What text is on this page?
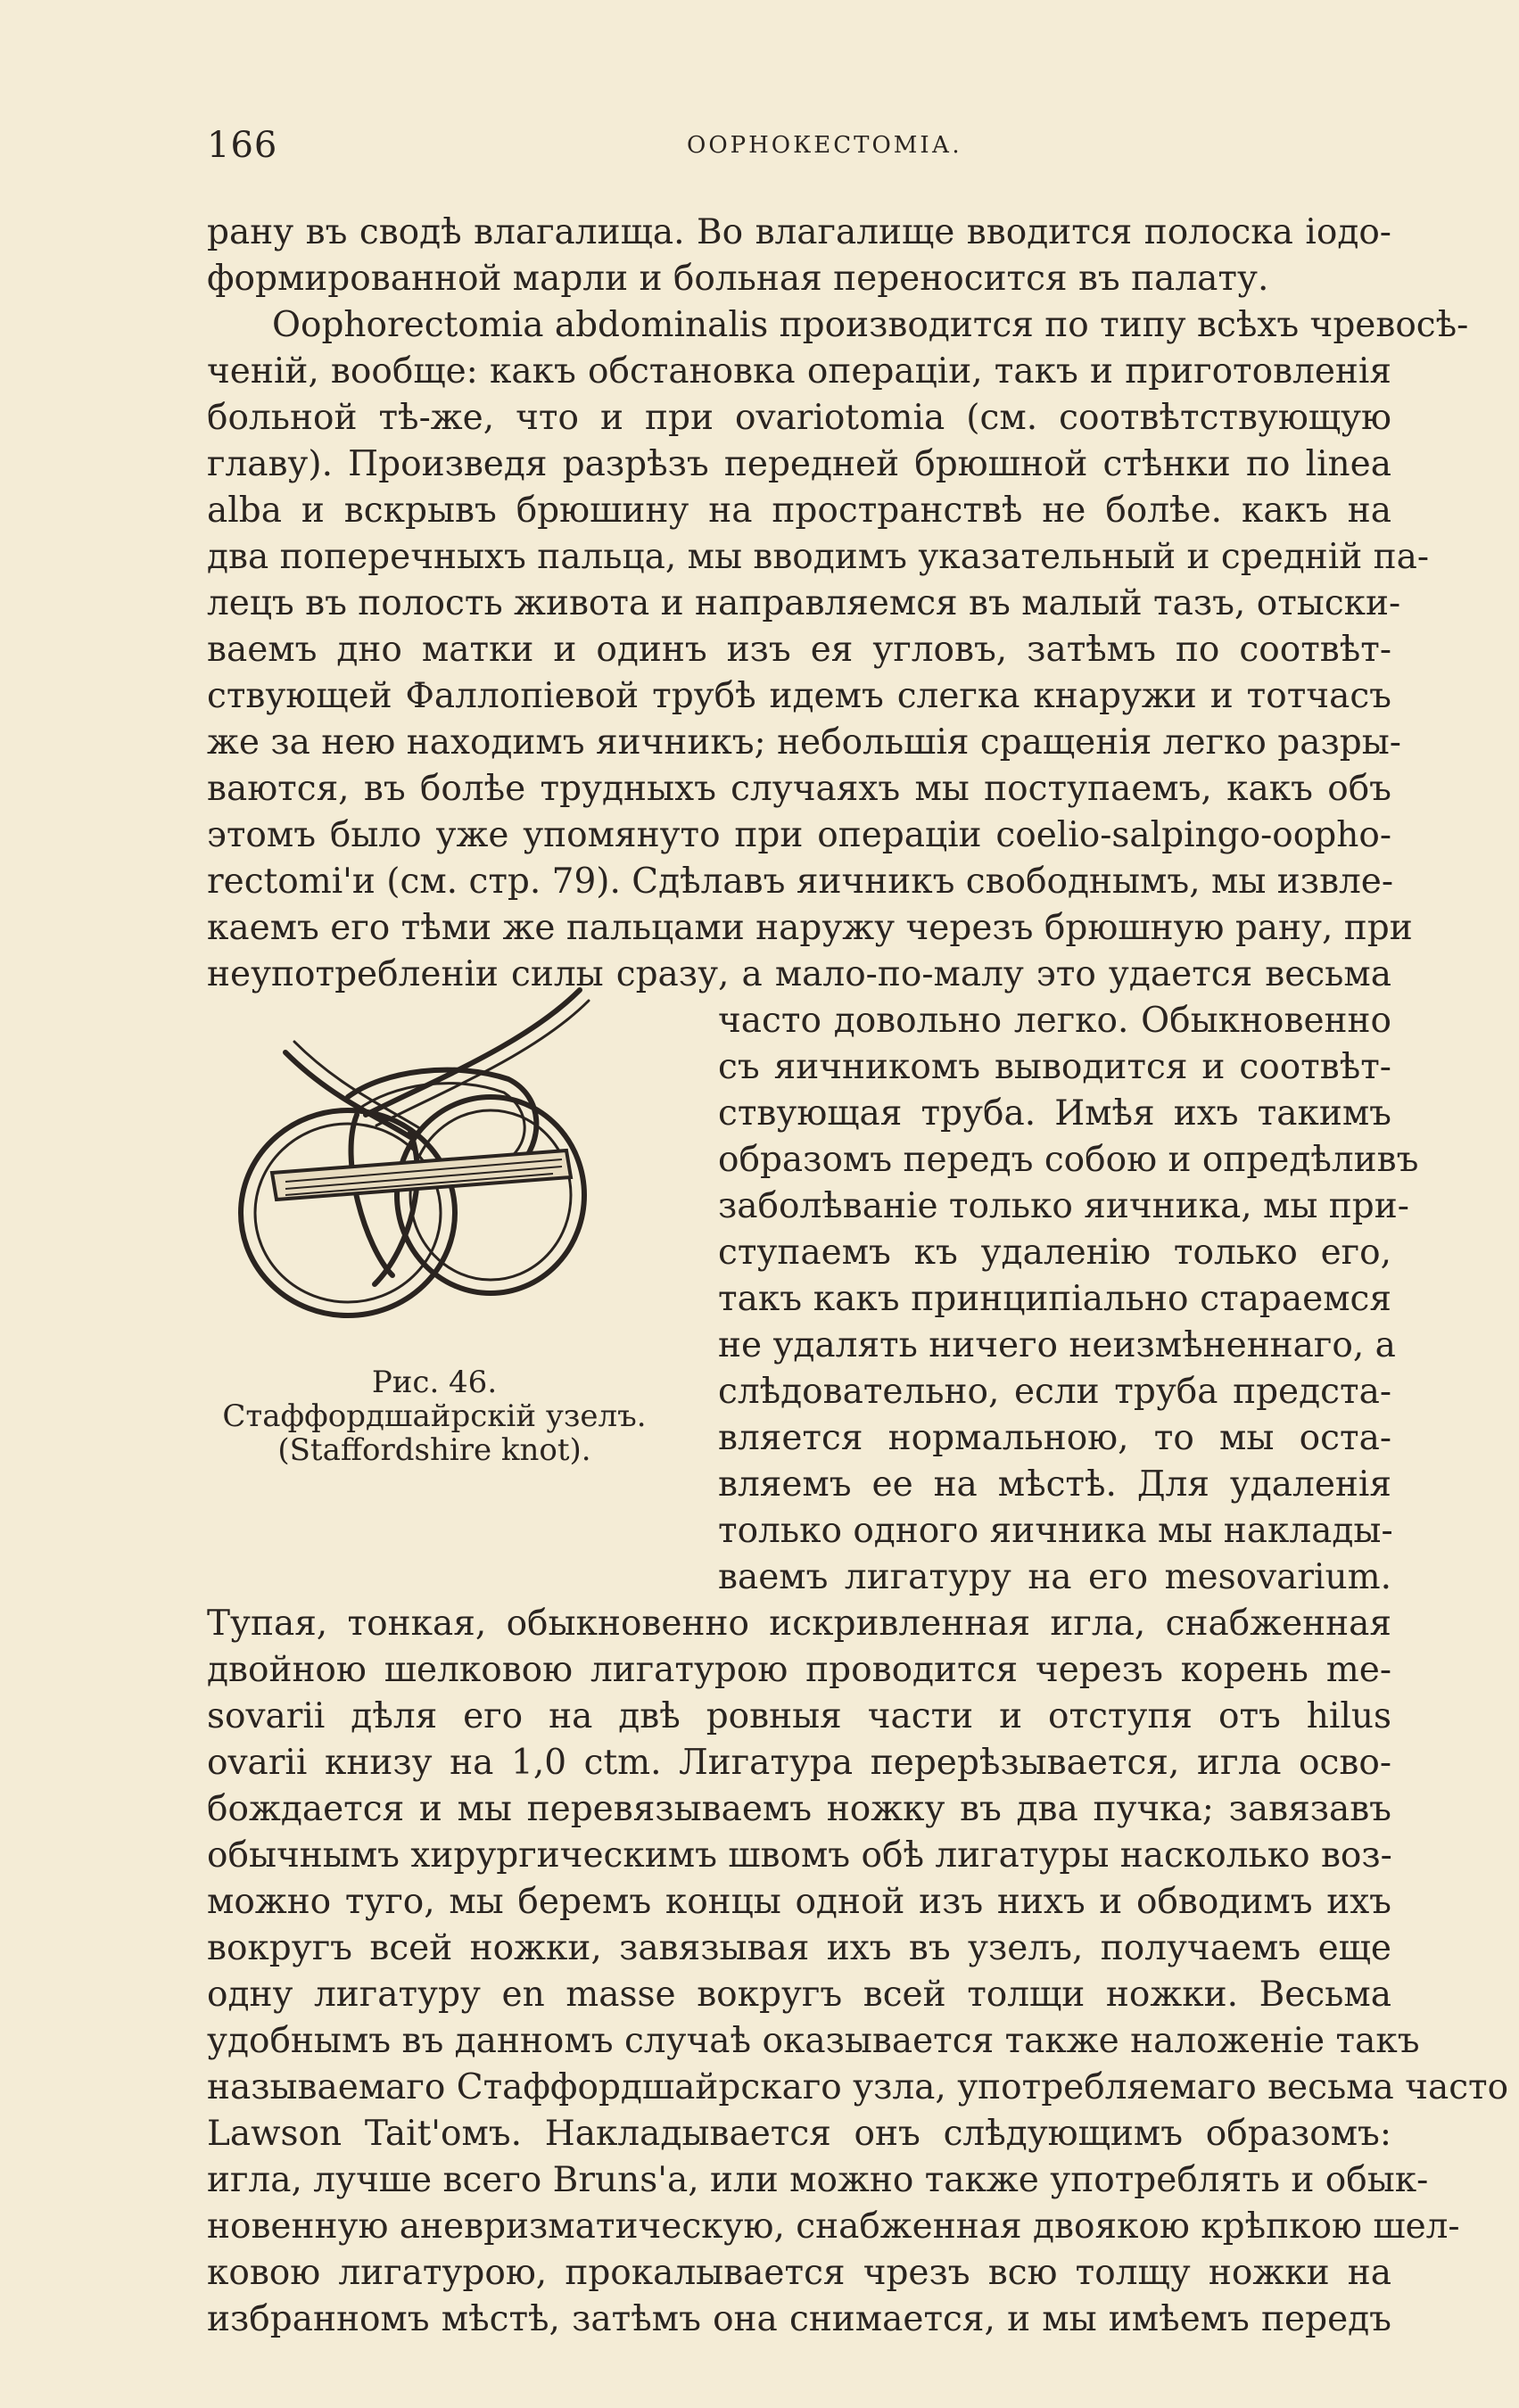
166	ООРНОКЕСТОМІА.
рану въ сводѣ влагалища. Во влагалище вводится полоска іодо-
формированной марли и больная переносится въ палату.
Oophorectomia abdominalis производится по типу всѣхъ чревосѣ-
ченій, вообще: какъ обстановка операціи, такъ и приготовленія
больной тѣ-же, что и при ovariotomia (см. соотвѣтствующую
главу). Произведя разрѣзъ передней брюшной стѣнки по linea
alba и вскрывъ брюшину на пространствѣ не болѣе. какъ на
два поперечныхъ пальца, мы вводимъ указательный и средній па-
лецъ въ полость живота и направляемся въ малый тазъ, отыски-
ваемъ дно матки и одинъ изъ ея угловъ, затѣмъ по соотвѣт-
ствующей Фаллопіевой трубѣ идемъ слегка кнаружи и тотчасъ
же за нею находимъ яичникъ; небольшія сращенія легко разры-
ваются, въ болѣе трудныхъ случаяхъ мы поступаемъ, какъ объ
этомъ было уже упомянуто при операціи coelio-salpingo-oopho-
rectomi'и (см. стр. 79). Сдѣлавъ яичникъ свободнымъ, мы извле-
каемъ его тѣми же пальцами наружу черезъ брюшную рану, при
неупотребленіи силы сразу, а мало-по-малу это удается весьма
Рис. 46.
Стаффордшайрскій узелъ.
(Staffordshire knot).
часто довольно легко. Обыкновенно
съ яичникомъ выводится и соотвѣт-
ствующая труба. Имѣя ихъ такимъ
образомъ передъ собою и опредѣливъ
заболѣваніе только яичника, мы при-
ступаемъ къ удаленію только его,
такъ какъ принципіально стараемся
не удалять ничего неизмѣненнаго, а
слѣдовательно, если труба предста-
вляется нормальною, то мы оста-
вляемъ ее на мѣстѣ. Для удаленія
только одного яичника мы наклады-
ваемъ лигатуру на его mesovarium.
Тупая, тонкая, обыкновенно искривленная игла, снабженная
двойною шелковою лигатурою проводится черезъ корень me-
sovarii дѣля его на двѣ ровныя части и отступя отъ hilus
ovarii книзу на 1,0 ctm. Лигатура перерѣзывается, игла осво-
бождается и мы перевязываемъ ножку въ два пучка; завязавъ
обычнымъ хирургическимъ швомъ обѣ лигатуры насколько воз-
можно туго, мы беремъ концы одной изъ нихъ и обводимъ ихъ
вокругъ всей ножки, завязывая ихъ въ узелъ, получаемъ еще
одну лигатуру en masse вокругъ всей толщи ножки. Весьма
удобнымъ въ данномъ случаѣ оказывается также наложеніе такъ
называемаго Стаффордшайрскаго узла, употребляемаго весьма часто
Lawson Tait'омъ. Накладывается онъ слѣдующимъ образомъ:
игла, лучше всего Bruns'а, или можно также употреблять и обык-
новенную аневризматическую, снабженная двоякою крѣпкою шел-
ковою лигатурою, прокалывается чрезъ всю толщу ножки на
избранномъ мѣстѣ, затѣмъ она снимается, и мы имѣемъ передъ
